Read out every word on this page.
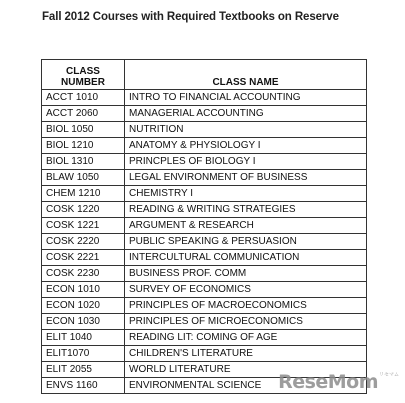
Fall 2012 Courses with Required Textbooks on Reserve
CLASS
NUMBER	CLASS NAME
ACCT 1010	INTRO TO FINANCIAL ACCOUNTING
ACCT 2060	MANAGERIAL ACCOUNTING
BIOL 1050	NUTRITION
BIOL 1210	ANATOMY & PHYSIOLOGY I
BIOL 1310	PRINCPLES OF BIOLOGY I
BLAW 1050	LEGAL ENVIRONMENT OF BUSINESS
CHEM 1210	CHEMISTRY I
COSK 1220	READING & WRITING STRATEGIES
COSK 1221	ARGUMENT & RESEARCH
COSK 2220	PUBLIC SPEAKING & PERSUASION
COSK 2221	INTERCULTURAL COMMUNICATION
COSK 2230	BUSINESS PROF. COMM
ECON 1010	SURVEY OF ECONOMICS
ECON 1020	PRINCIPLES OF MACROECONOMICS
ECON 1030	PRINCIPLES OF MICROECONOMICS
ELIT 1040	READING LIT: COMING OF AGE
ELIT1070	CHILDREN'S LITERATURE
ELIT 2055	WORLD LITERATURE
ENVS 1160	ENVIRONMENTAL SCIENCE ReseMom リセマム
